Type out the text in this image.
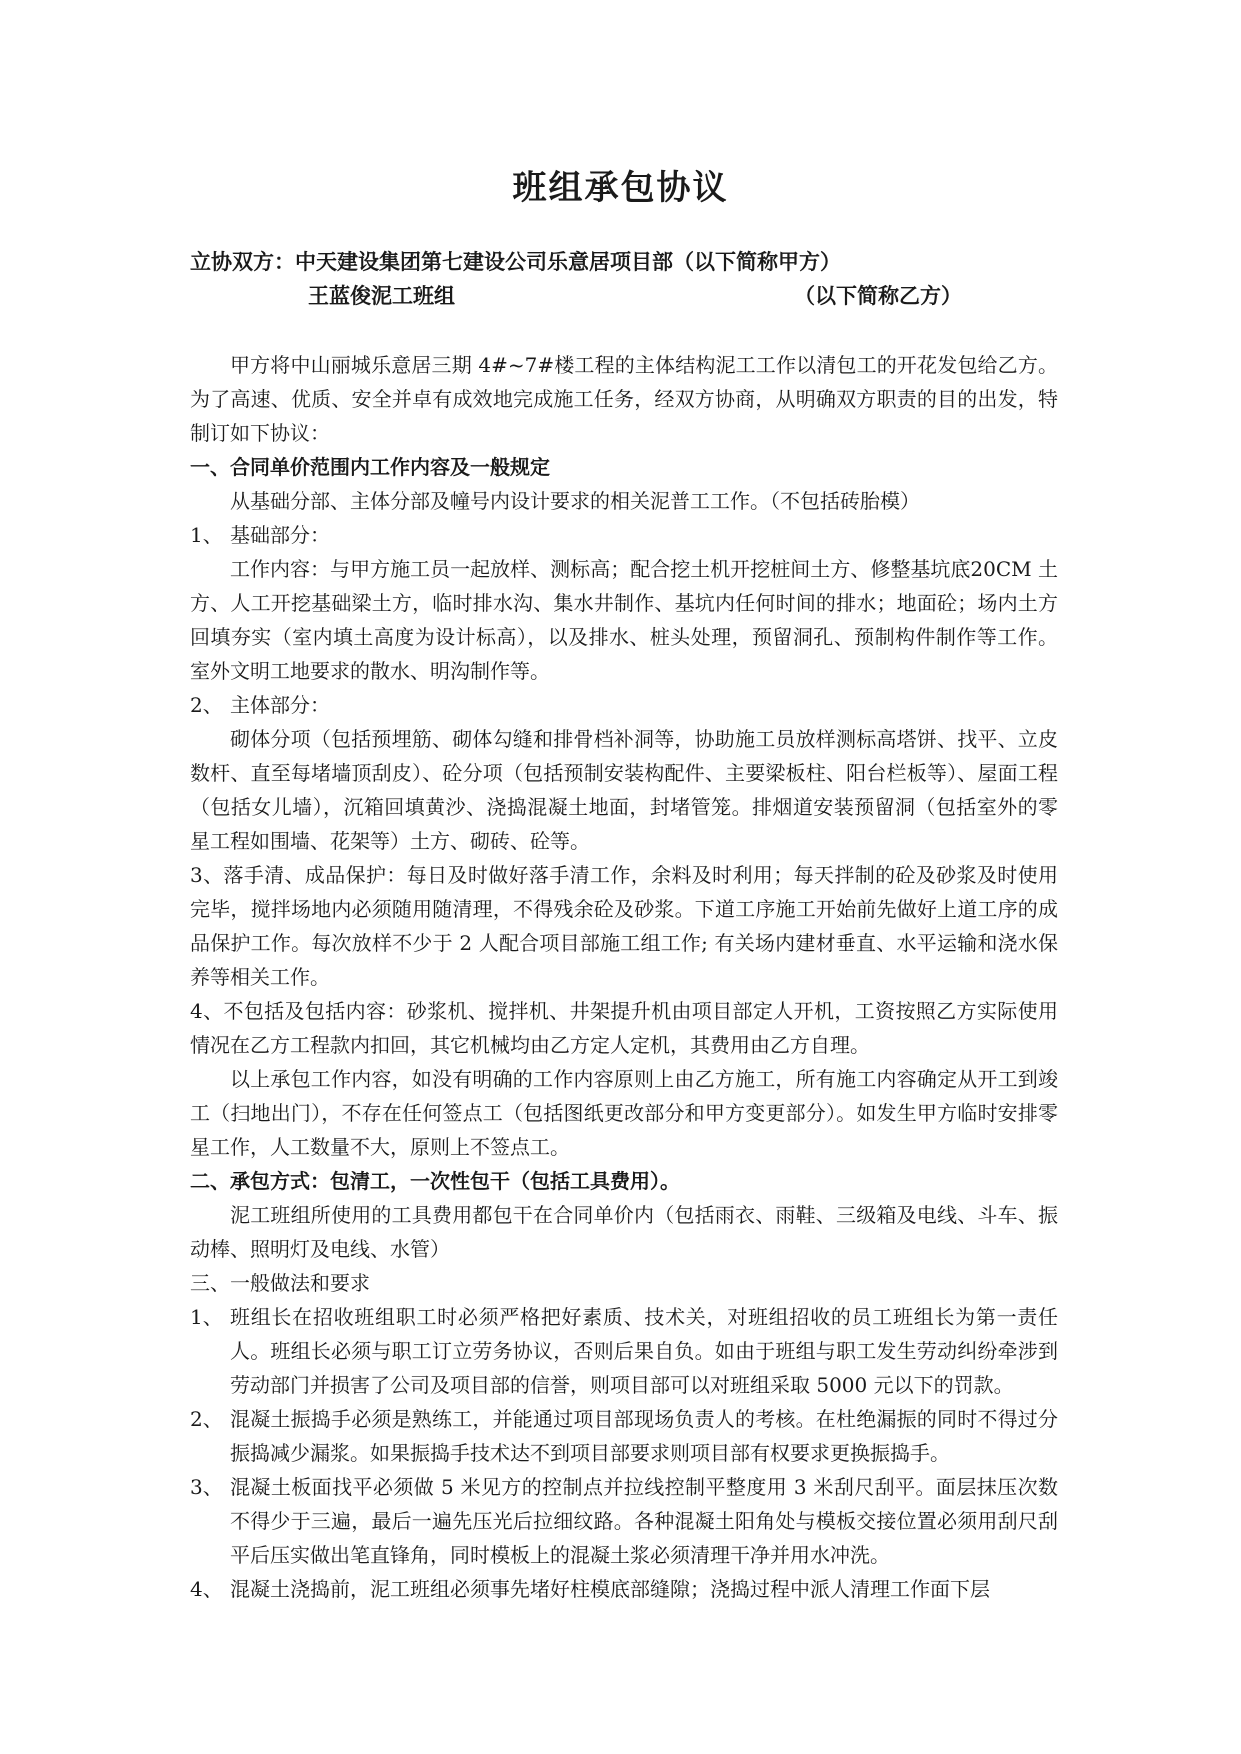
班组承包协议
立协双方：中天建设集团第七建设公司乐意居项目部（以下简称甲方）
王蓝俊泥工班组	（以下简称乙方）

甲方将中山丽城乐意居三期 4#~7#楼工程的主体结构泥工工作以清包工的开花发包给乙方。为了高速、优质、安全并卓有成效地完成施工任务，经双方协商，从明确双方职责的目的出发，特制订如下协议：

一、合同单价范围内工作内容及一般规定

从基础分部、主体分部及幢号内设计要求的相关泥普工工作。（不包括砖胎模）

1、 基础部分：

工作内容：与甲方施工员一起放样、测标高；配合挖土机开挖桩间土方、修整基坑底20CM 土方、人工开挖基础梁土方，临时排水沟、集水井制作、基坑内任何时间的排水；地面砼；场内土方回填夯实（室内填土高度为设计标高），以及排水、桩头处理，预留洞孔、预制构件制作等工作。室外文明工地要求的散水、明沟制作等。

2、 主体部分：

砌体分项（包括预埋筋、砌体勾缝和排骨档补洞等，协助施工员放样测标高塔饼、找平、立皮数杆、直至每堵墙顶刮皮）、砼分项（包括预制安装构配件、主要梁板柱、阳台栏板等）、屋面工程（包括女儿墙），沉箱回填黄沙、浇捣混凝土地面，封堵管笼。排烟道安装预留洞（包括室外的零星工程如围墙、花架等）土方、砌砖、砼等。

3、落手清、成品保护：每日及时做好落手清工作，余料及时利用；每天拌制的砼及砂浆及时使用完毕，搅拌场地内必须随用随清理，不得残余砼及砂浆。下道工序施工开始前先做好上道工序的成品保护工作。每次放样不少于 2 人配合项目部施工组工作; 有关场内建材垂直、水平运输和浇水保养等相关工作。

4、不包括及包括内容：砂浆机、搅拌机、井架提升机由项目部定人开机，工资按照乙方实际使用情况在乙方工程款内扣回，其它机械均由乙方定人定机，其费用由乙方自理。

以上承包工作内容，如没有明确的工作内容原则上由乙方施工，所有施工内容确定从开工到竣工（扫地出门），不存在任何签点工（包括图纸更改部分和甲方变更部分）。如发生甲方临时安排零星工作，人工数量不大，原则上不签点工。

二、承包方式：包清工，一次性包干（包括工具费用）。

泥工班组所使用的工具费用都包干在合同单价内（包括雨衣、雨鞋、三级箱及电线、斗车、振动棒、照明灯及电线、水管）

三、一般做法和要求

1、 班组长在招收班组职工时必须严格把好素质、技术关，对班组招收的员工班组长为第一责任人。班组长必须与职工订立劳务协议，否则后果自负。如由于班组与职工发生劳动纠纷牵涉到劳动部门并损害了公司及项目部的信誉，则项目部可以对班组采取 5000 元以下的罚款。

2、 混凝土振捣手必须是熟练工，并能通过项目部现场负责人的考核。在杜绝漏振的同时不得过分振捣减少漏浆。如果振捣手技术达不到项目部要求则项目部有权要求更换振捣手。

3、 混凝土板面找平必须做 5 米见方的控制点并拉线控制平整度用 3 米刮尺刮平。面层抹压次数不得少于三遍，最后一遍先压光后拉细纹路。各种混凝土阳角处与模板交接位置必须用刮尺刮平后压实做出笔直锋角，同时模板上的混凝土浆必须清理干净并用水冲洗。

4、 混凝土浇捣前，泥工班组必须事先堵好柱模底部缝隙；浇捣过程中派人清理工作面下层
